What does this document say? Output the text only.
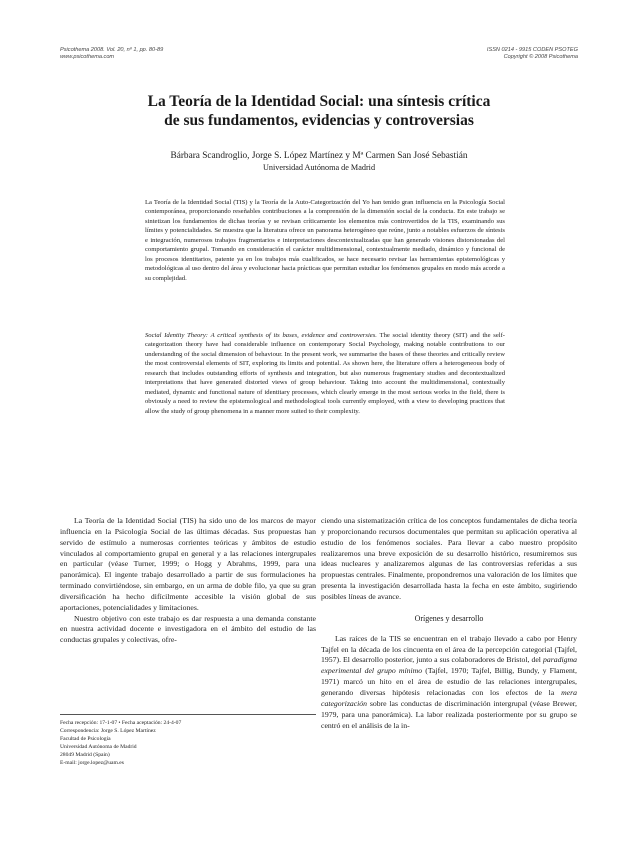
Psicothema 2008. Vol. 20, nº 1, pp. 80-89
www.psicothema.com
ISSN 0214 - 9915 CODEN PSOTEG
Copyright © 2008 Psicothema
La Teoría de la Identidad Social: una síntesis crítica
de sus fundamentos, evidencias y controversias
Bárbara Scandroglio, Jorge S. López Martínez y Mª Carmen San José Sebastián
Universidad Autónoma de Madrid

La Teoría de la Identidad Social (TIS) y la Teoría de la Auto-Categorización del Yo han tenido gran influencia en la Psicología Social contemporánea, proporcionando reseñables contribuciones a la comprensión de la dimensión social de la conducta. En este trabajo se sintetizan los fundamentos de dichas teorías y se revisan críticamente los elementos más controvertidos de la TIS, examinando sus límites y potencialidades. Se muestra que la literatura ofrece un panorama heterogéneo que reúne, junto a notables esfuerzos de síntesis e integración, numerosos trabajos fragmentarios e interpretaciones descontextualizadas que han generado visiones distorsionadas del comportamiento grupal. Tomando en consideración el carácter multidimensional, contextualmente mediado, dinámico y funcional de los procesos identitarios, patente ya en los trabajos más cualificados, se hace necesario revisar las herramientas epistemológicas y metodológicas al uso dentro del área y evolucionar hacia prácticas que permitan estudiar los fenómenos grupales en modo más acorde a su complejidad.

Social Identity Theory: A critical synthesis of its bases, evidence and controversies. The social identity theory (SIT) and the self-categorization theory have had considerable influence on contemporary Social Psychology, making notable contributions to our understanding of the social dimension of behaviour. In the present work, we summarise the bases of these theories and critically review the most controversial elements of SIT, exploring its limits and potential. As shown here, the literature offers a heterogeneous body of research that includes outstanding efforts of synthesis and integration, but also numerous fragmentary studies and decontextualized interpretations that have generated distorted views of group behaviour. Taking into account the multidimensional, contextually mediated, dynamic and functional nature of identitary processes, which clearly emerge in the most serious works in the field, there is obviously a need to review the epistemological and methodological tools currently employed, with a view to developing practices that allow the study of group phenomena in a manner more suited to their complexity.

La Teoría de la Identidad Social (TIS) ha sido uno de los marcos de mayor influencia en la Psicología Social de las últimas décadas. Sus propuestas han servido de estímulo a numerosas corrientes teóricas y ámbitos de estudio vinculados al comportamiento grupal en general y a las relaciones intergrupales en particular (véase Turner, 1999; o Hogg y Abrahms, 1999, para una panorámica). El ingente trabajo desarrollado a partir de sus formulaciones ha terminado convirtiéndose, sin embargo, en un arma de doble filo, ya que su gran diversificación ha hecho difícilmente accesible la visión global de sus aportaciones, potencialidades y limitaciones.

Nuestro objetivo con este trabajo es dar respuesta a una demanda constante en nuestra actividad docente e investigadora en el ámbito del estudio de las conductas grupales y colectivas, ofre-

ciendo una sistematización crítica de los conceptos fundamentales de dicha teoría y proporcionando recursos documentales que permitan su aplicación operativa al estudio de los fenómenos sociales. Para llevar a cabo nuestro propósito realizaremos una breve exposición de su desarrollo histórico, resumiremos sus ideas nucleares y analizaremos algunas de las controversias referidas a sus propuestas centrales. Finalmente, propondremos una valoración de los límites que presenta la investigación desarrollada hasta la fecha en este ámbito, sugiriendo posibles líneas de avance.

Orígenes y desarrollo

Las raíces de la TIS se encuentran en el trabajo llevado a cabo por Henry Tajfel en la década de los cincuenta en el área de la percepción categorial (Tajfel, 1957). El desarrollo posterior, junto a sus colaboradores de Bristol, del paradigma experimental del grupo mínimo (Tajfel, 1970; Tajfel, Billig, Bundy, y Flament, 1971) marcó un hito en el área de estudio de las relaciones intergrupales, generando diversas hipótesis relacionadas con los efectos de la mera categorización sobre las conductas de discriminación intergrupal (véase Brewer, 1979, para una panorámica). La labor realizada posteriormente por su grupo se centró en el análisis de la in-

Fecha recepción: 17-1-07 • Fecha aceptación: 24-4-07
Correspondencia: Jorge S. López Martínez
Facultad de Psicología
Universidad Autónoma de Madrid
28049 Madrid (Spain)
E-mail: jorge.lopez@uam.es
